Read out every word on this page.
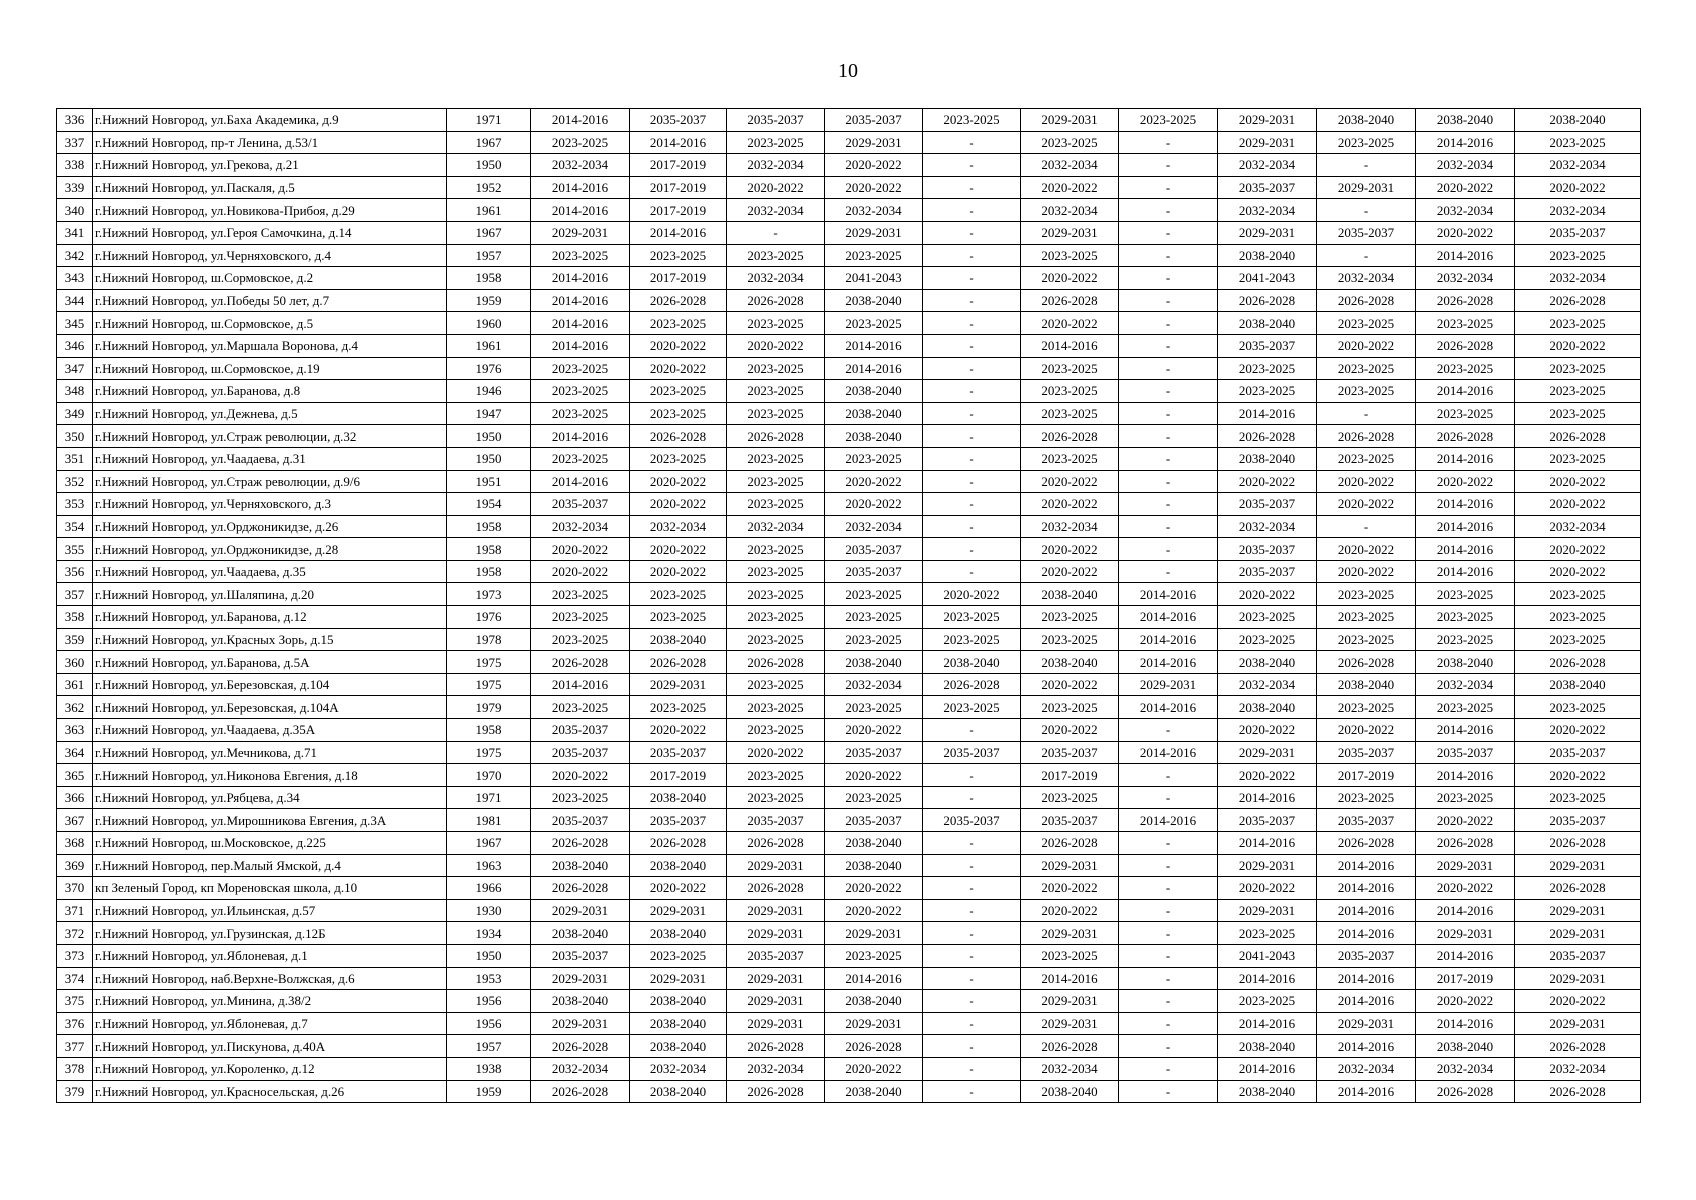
10
336	г.Нижний Новгород, ул.Баха Академика, д.9	1971	2014-2016	2035-2037	2035-2037	2035-2037	2023-2025	2029-2031	2023-2025	2029-2031	2038-2040	2038-2040	2038-2040
337	г.Нижний Новгород, пр-т Ленина, д.53/1	1967	2023-2025	2014-2016	2023-2025	2029-2031	-	2023-2025	-	2029-2031	2023-2025	2014-2016	2023-2025
338	г.Нижний Новгород, ул.Грекова, д.21	1950	2032-2034	2017-2019	2032-2034	2020-2022	-	2032-2034	-	2032-2034	-	2032-2034	2032-2034
339	г.Нижний Новгород, ул.Паскаля, д.5	1952	2014-2016	2017-2019	2020-2022	2020-2022	-	2020-2022	-	2035-2037	2029-2031	2020-2022	2020-2022
340	г.Нижний Новгород, ул.Новикова-Прибоя, д.29	1961	2014-2016	2017-2019	2032-2034	2032-2034	-	2032-2034	-	2032-2034	-	2032-2034	2032-2034
341	г.Нижний Новгород, ул.Героя Самочкина, д.14	1967	2029-2031	2014-2016	-	2029-2031	-	2029-2031	-	2029-2031	2035-2037	2020-2022	2035-2037
342	г.Нижний Новгород, ул.Черняховского, д.4	1957	2023-2025	2023-2025	2023-2025	2023-2025	-	2023-2025	-	2038-2040	-	2014-2016	2023-2025
343	г.Нижний Новгород, ш.Сормовское, д.2	1958	2014-2016	2017-2019	2032-2034	2041-2043	-	2020-2022	-	2041-2043	2032-2034	2032-2034	2032-2034
344	г.Нижний Новгород, ул.Победы 50 лет, д.7	1959	2014-2016	2026-2028	2026-2028	2038-2040	-	2026-2028	-	2026-2028	2026-2028	2026-2028	2026-2028
345	г.Нижний Новгород, ш.Сормовское, д.5	1960	2014-2016	2023-2025	2023-2025	2023-2025	-	2020-2022	-	2038-2040	2023-2025	2023-2025	2023-2025
346	г.Нижний Новгород, ул.Маршала Воронова, д.4	1961	2014-2016	2020-2022	2020-2022	2014-2016	-	2014-2016	-	2035-2037	2020-2022	2026-2028	2020-2022
347	г.Нижний Новгород, ш.Сормовское, д.19	1976	2023-2025	2020-2022	2023-2025	2014-2016	-	2023-2025	-	2023-2025	2023-2025	2023-2025	2023-2025
348	г.Нижний Новгород, ул.Баранова, д.8	1946	2023-2025	2023-2025	2023-2025	2038-2040	-	2023-2025	-	2023-2025	2023-2025	2014-2016	2023-2025
349	г.Нижний Новгород, ул.Дежнева, д.5	1947	2023-2025	2023-2025	2023-2025	2038-2040	-	2023-2025	-	2014-2016	-	2023-2025	2023-2025
350	г.Нижний Новгород, ул.Страж революции, д.32	1950	2014-2016	2026-2028	2026-2028	2038-2040	-	2026-2028	-	2026-2028	2026-2028	2026-2028	2026-2028
351	г.Нижний Новгород, ул.Чаадаева, д.31	1950	2023-2025	2023-2025	2023-2025	2023-2025	-	2023-2025	-	2038-2040	2023-2025	2014-2016	2023-2025
352	г.Нижний Новгород, ул.Страж революции, д.9/6	1951	2014-2016	2020-2022	2023-2025	2020-2022	-	2020-2022	-	2020-2022	2020-2022	2020-2022	2020-2022
353	г.Нижний Новгород, ул.Черняховского, д.3	1954	2035-2037	2020-2022	2023-2025	2020-2022	-	2020-2022	-	2035-2037	2020-2022	2014-2016	2020-2022
354	г.Нижний Новгород, ул.Орджоникидзе, д.26	1958	2032-2034	2032-2034	2032-2034	2032-2034	-	2032-2034	-	2032-2034	-	2014-2016	2032-2034
355	г.Нижний Новгород, ул.Орджоникидзе, д.28	1958	2020-2022	2020-2022	2023-2025	2035-2037	-	2020-2022	-	2035-2037	2020-2022	2014-2016	2020-2022
356	г.Нижний Новгород, ул.Чаадаева, д.35	1958	2020-2022	2020-2022	2023-2025	2035-2037	-	2020-2022	-	2035-2037	2020-2022	2014-2016	2020-2022
357	г.Нижний Новгород, ул.Шаляпина, д.20	1973	2023-2025	2023-2025	2023-2025	2023-2025	2020-2022	2038-2040	2014-2016	2020-2022	2023-2025	2023-2025	2023-2025
358	г.Нижний Новгород, ул.Баранова, д.12	1976	2023-2025	2023-2025	2023-2025	2023-2025	2023-2025	2023-2025	2014-2016	2023-2025	2023-2025	2023-2025	2023-2025
359	г.Нижний Новгород, ул.Красных Зорь, д.15	1978	2023-2025	2038-2040	2023-2025	2023-2025	2023-2025	2023-2025	2014-2016	2023-2025	2023-2025	2023-2025	2023-2025
360	г.Нижний Новгород, ул.Баранова, д.5А	1975	2026-2028	2026-2028	2026-2028	2038-2040	2038-2040	2038-2040	2014-2016	2038-2040	2026-2028	2038-2040	2026-2028
361	г.Нижний Новгород, ул.Березовская, д.104	1975	2014-2016	2029-2031	2023-2025	2032-2034	2026-2028	2020-2022	2029-2031	2032-2034	2038-2040	2032-2034	2038-2040
362	г.Нижний Новгород, ул.Березовская, д.104А	1979	2023-2025	2023-2025	2023-2025	2023-2025	2023-2025	2023-2025	2014-2016	2038-2040	2023-2025	2023-2025	2023-2025
363	г.Нижний Новгород, ул.Чаадаева, д.35А	1958	2035-2037	2020-2022	2023-2025	2020-2022	-	2020-2022	-	2020-2022	2020-2022	2014-2016	2020-2022
364	г.Нижний Новгород, ул.Мечникова, д.71	1975	2035-2037	2035-2037	2020-2022	2035-2037	2035-2037	2035-2037	2014-2016	2029-2031	2035-2037	2035-2037	2035-2037
365	г.Нижний Новгород, ул.Никонова Евгения, д.18	1970	2020-2022	2017-2019	2023-2025	2020-2022	-	2017-2019	-	2020-2022	2017-2019	2014-2016	2020-2022
366	г.Нижний Новгород, ул.Рябцева, д.34	1971	2023-2025	2038-2040	2023-2025	2023-2025	-	2023-2025	-	2014-2016	2023-2025	2023-2025	2023-2025
367	г.Нижний Новгород, ул.Мирошникова Евгения, д.3А	1981	2035-2037	2035-2037	2035-2037	2035-2037	2035-2037	2035-2037	2014-2016	2035-2037	2035-2037	2020-2022	2035-2037
368	г.Нижний Новгород, ш.Московское, д.225	1967	2026-2028	2026-2028	2026-2028	2038-2040	-	2026-2028	-	2014-2016	2026-2028	2026-2028	2026-2028
369	г.Нижний Новгород, пер.Малый Ямской, д.4	1963	2038-2040	2038-2040	2029-2031	2038-2040	-	2029-2031	-	2029-2031	2014-2016	2029-2031	2029-2031
370	кп Зеленый Город, кп Мореновская школа, д.10	1966	2026-2028	2020-2022	2026-2028	2020-2022	-	2020-2022	-	2020-2022	2014-2016	2020-2022	2026-2028
371	г.Нижний Новгород, ул.Ильинская, д.57	1930	2029-2031	2029-2031	2029-2031	2020-2022	-	2020-2022	-	2029-2031	2014-2016	2014-2016	2029-2031
372	г.Нижний Новгород, ул.Грузинская, д.12Б	1934	2038-2040	2038-2040	2029-2031	2029-2031	-	2029-2031	-	2023-2025	2014-2016	2029-2031	2029-2031
373	г.Нижний Новгород, ул.Яблоневая, д.1	1950	2035-2037	2023-2025	2035-2037	2023-2025	-	2023-2025	-	2041-2043	2035-2037	2014-2016	2035-2037
374	г.Нижний Новгород, наб.Верхне-Волжская, д.6	1953	2029-2031	2029-2031	2029-2031	2014-2016	-	2014-2016	-	2014-2016	2014-2016	2017-2019	2029-2031
375	г.Нижний Новгород, ул.Минина, д.38/2	1956	2038-2040	2038-2040	2029-2031	2038-2040	-	2029-2031	-	2023-2025	2014-2016	2020-2022	2020-2022
376	г.Нижний Новгород, ул.Яблоневая, д.7	1956	2029-2031	2038-2040	2029-2031	2029-2031	-	2029-2031	-	2014-2016	2029-2031	2014-2016	2029-2031
377	г.Нижний Новгород, ул.Пискунова, д.40А	1957	2026-2028	2038-2040	2026-2028	2026-2028	-	2026-2028	-	2038-2040	2014-2016	2038-2040	2026-2028
378	г.Нижний Новгород, ул.Короленко, д.12	1938	2032-2034	2032-2034	2032-2034	2020-2022	-	2032-2034	-	2014-2016	2032-2034	2032-2034	2032-2034
379	г.Нижний Новгород, ул.Красносельская, д.26	1959	2026-2028	2038-2040	2026-2028	2038-2040	-	2038-2040	-	2038-2040	2014-2016	2026-2028	2026-2028
